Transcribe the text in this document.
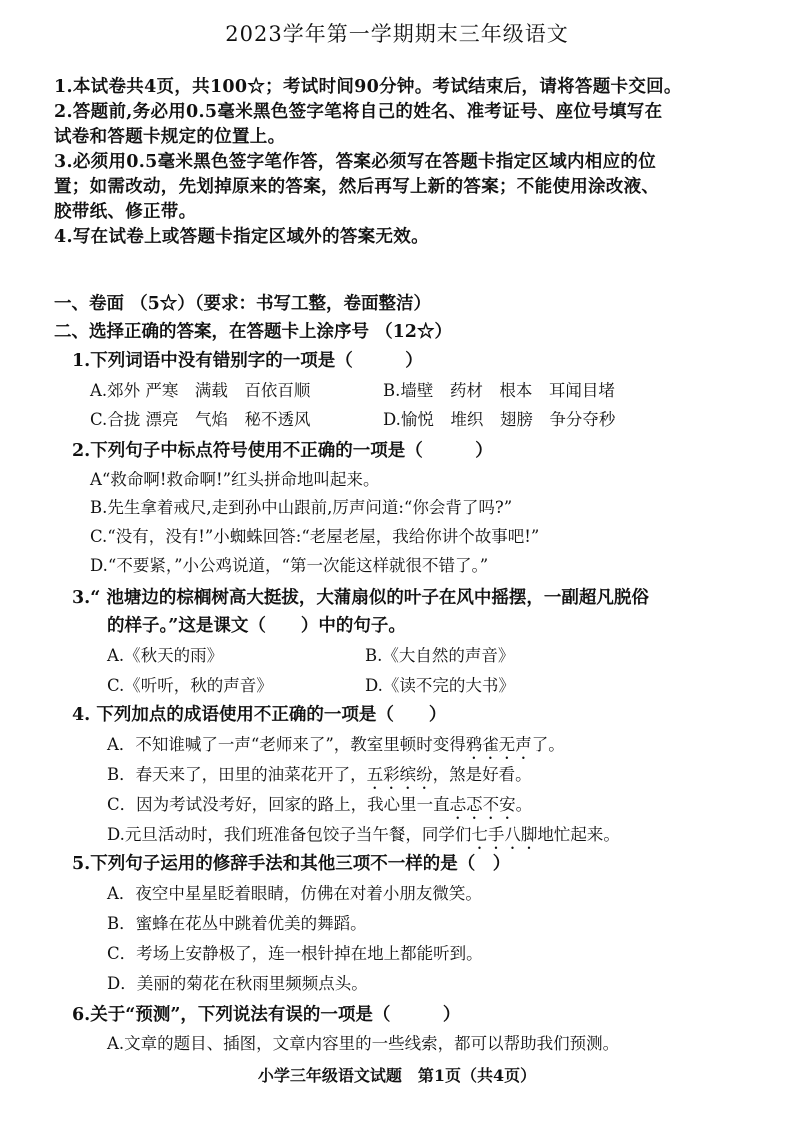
2023学年第一学期期末三年级语文
1.本试卷共4页，共100☆；考试时间90分钟。考试结束后，请将答题卡交回。
2.答题前,务必用0.5毫米黑色签字笔将自己的姓名、准考证号、座位号填写在
试卷和答题卡规定的位置上。
3.必须用0.5毫米黑色签字笔作答，答案必须写在答题卡指定区域内相应的位
置；如需改动，先划掉原来的答案，然后再写上新的答案；不能使用涂改液、
胶带纸、修正带。
4.写在试卷上或答题卡指定区域外的答案无效。
一、卷面 （5☆）（要求：书写工整，卷面整洁）
二、选择正确的答案，在答题卡上涂序号 （12☆）
1.下列词语中没有错别字的一项是（　　　）
A.郊外 严寒　满载　百依百顺	B.墙壁　药材　根本　耳闻目堵
C.合拢 漂亮　气焰　秘不透风	D.愉悦　堆织　翅膀　争分夺秒
2.下列句子中标点符号使用不正确的一项是（　　　）
A“救命啊!救命啊!”红头拼命地叫起来。
B.先生拿着戒尺,走到孙中山跟前,厉声问道:“你会背了吗?”
C.“没有，没有!”小蜘蛛回答:“老屋老屋，我给你讲个故事吧!”
D.“不要紧，”小公鸡说道，“第一次能这样就很不错了。”
3.“ 池塘边的棕榈树高大挺拔，大蒲扇似的叶子在风中摇摆，一副超凡脱俗
的样子。”这是课文（　　）中的句子。
A.《秋天的雨》	B.《大自然的声音》
C.《听听，秋的声音》	D.《读不完的大书》
4. 下列加点的成语使用不正确的一项是（　　）
A．不知谁喊了一声“老师来了”，教室里顿时变得鸦雀无声了。
B．春天来了，田里的油菜花开了，五彩缤纷，煞是好看。
C．因为考试没考好，回家的路上，我心里一直忐忑不安。
D.元旦活动时，我们班准备包饺子当午餐，同学们七手八脚地忙起来。
5.下列句子运用的修辞手法和其他三项不一样的是（　）
A．夜空中星星眨着眼睛，仿佛在对着小朋友微笑。
B．蜜蜂在花丛中跳着优美的舞蹈。
C．考场上安静极了，连一根针掉在地上都能听到。
D．美丽的菊花在秋雨里频频点头。
6.关于“预测”，下列说法有误的一项是（　　　）
A.文章的题目、插图，文章内容里的一些线索，都可以帮助我们预测。
小学三年级语文试题　第1页（共4页）
